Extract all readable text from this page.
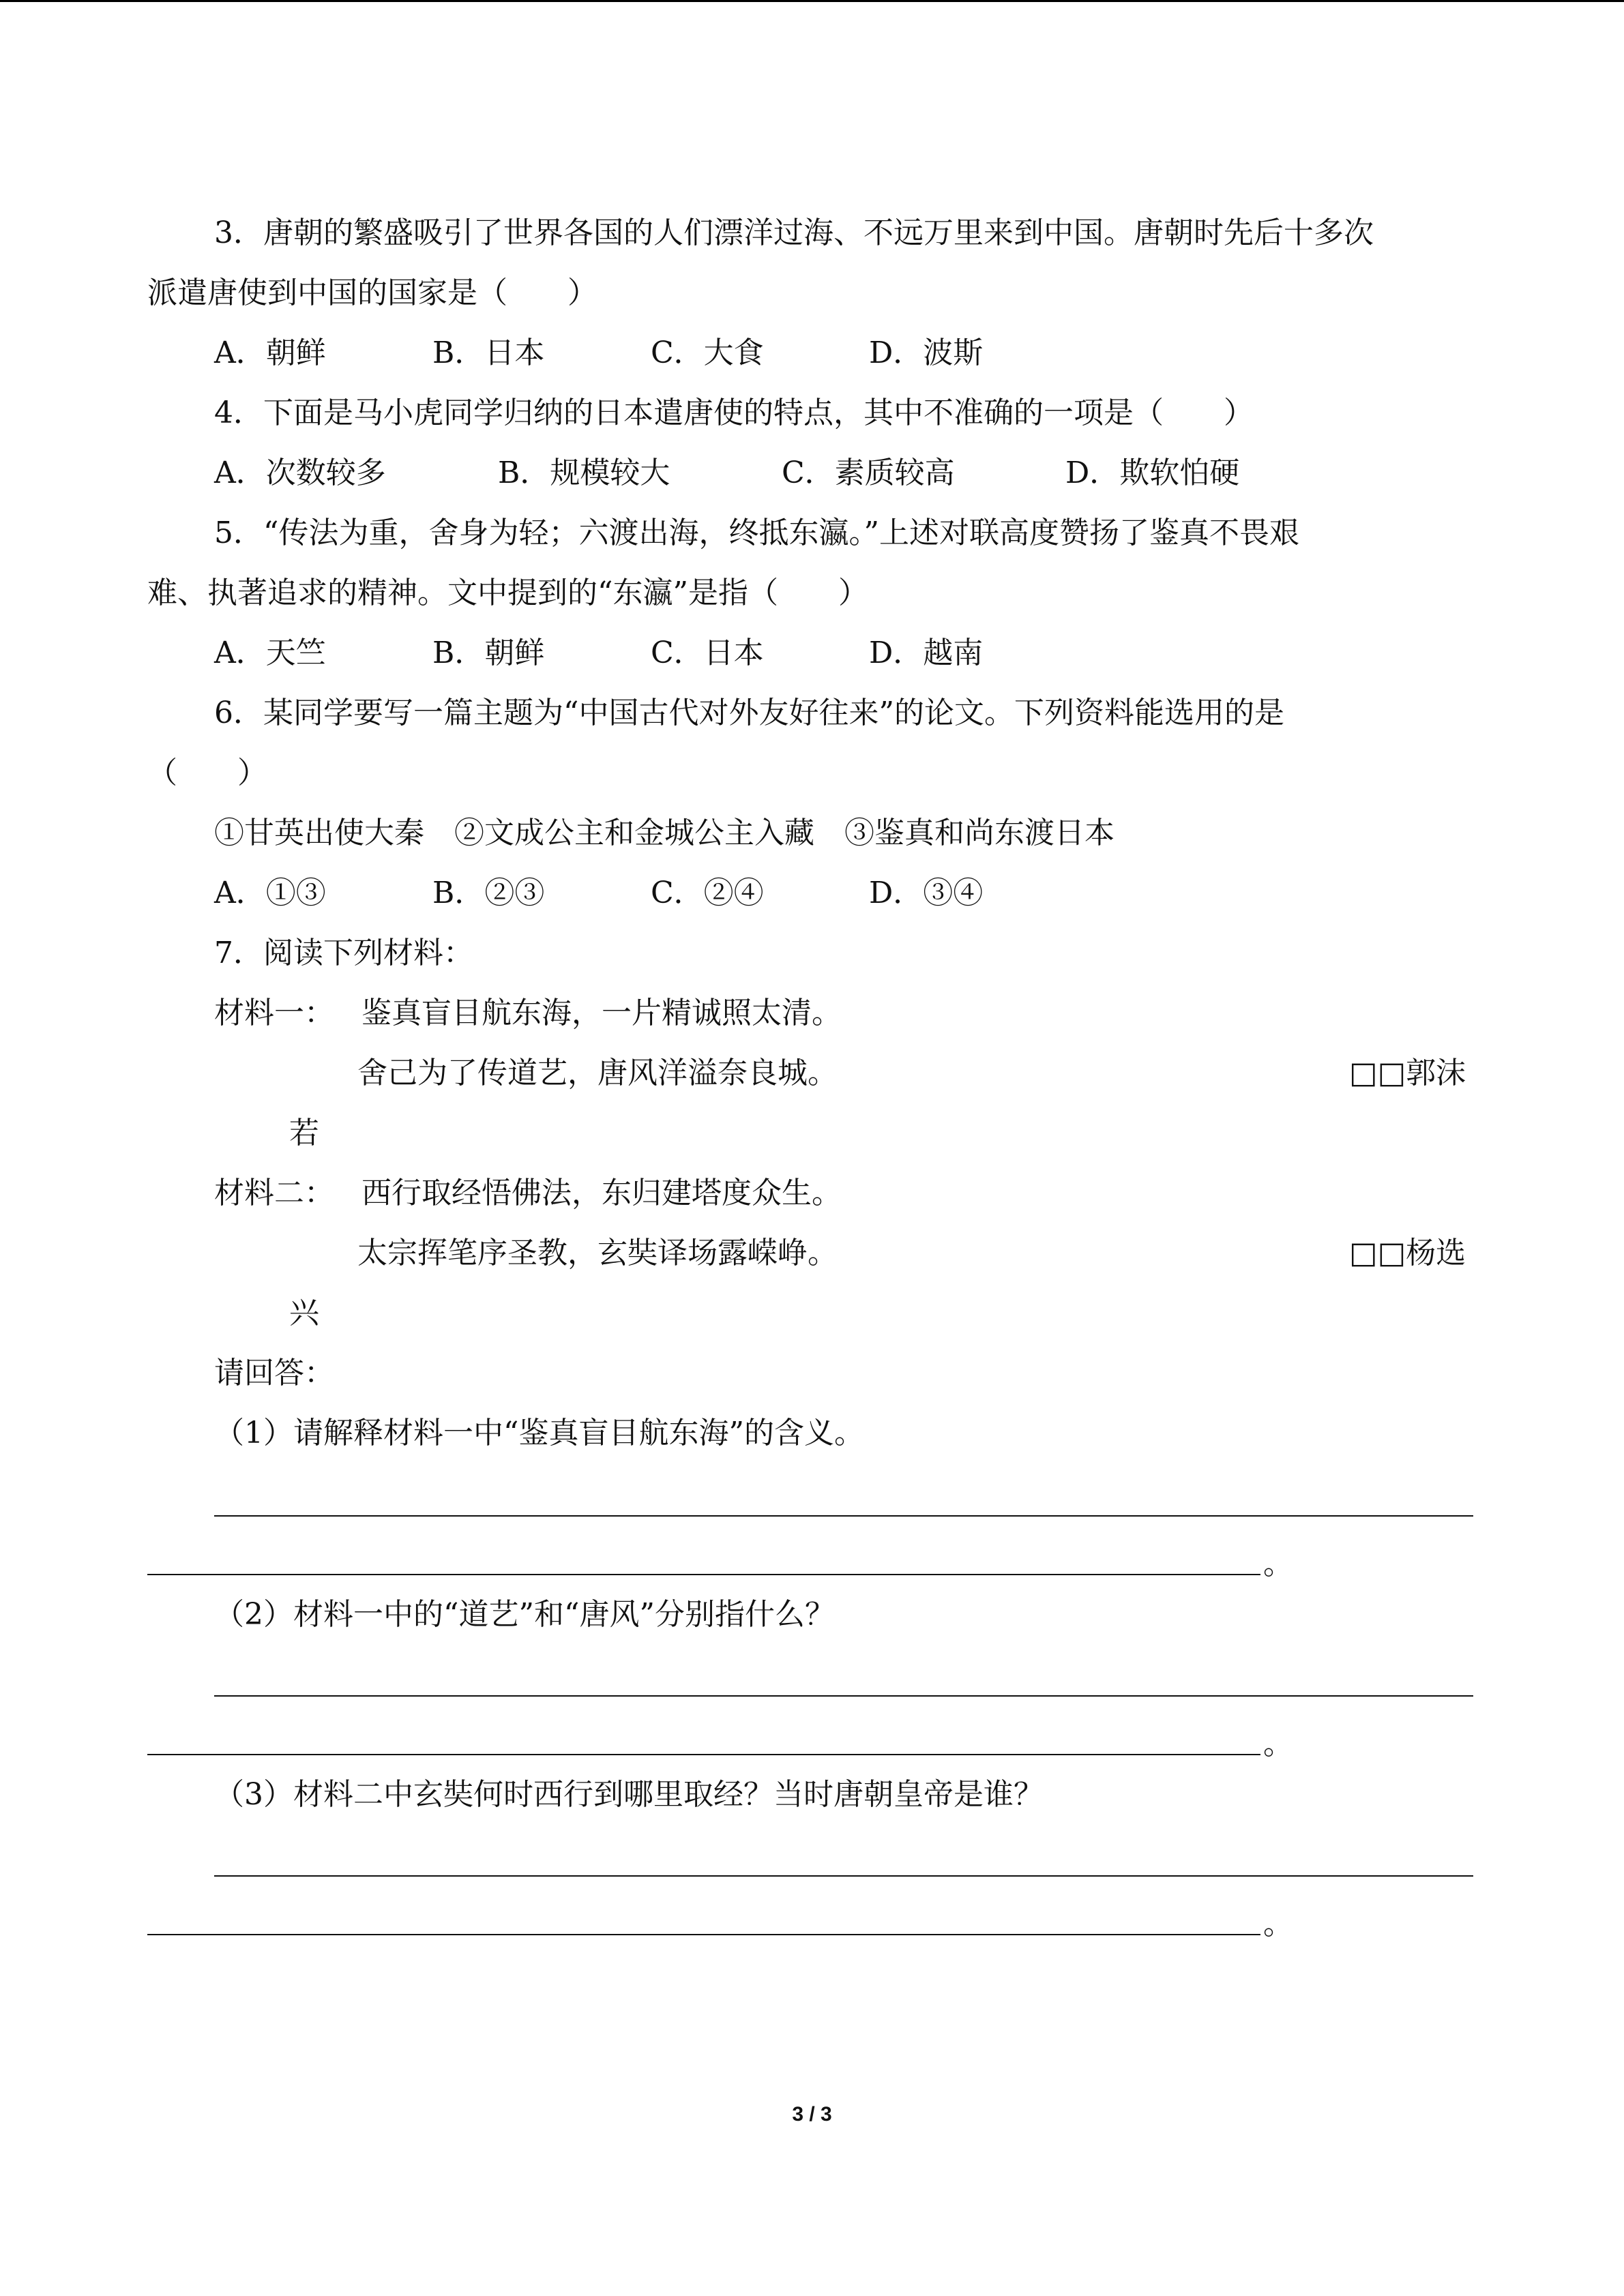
3．唐朝的繁盛吸引了世界各国的人们漂洋过海、不远万里来到中国。唐朝时先后十多次
派遣唐使到中国的国家是（　　）
A．朝鲜	B．日本	C．大食	D．波斯
4．下面是马小虎同学归纳的日本遣唐使的特点，其中不准确的一项是（　　）
A．次数较多	B．规模较大	C．素质较高	D．欺软怕硬
5．“传法为重，舍身为轻；六渡出海，终抵东瀛。”上述对联高度赞扬了鉴真不畏艰
难、执著追求的精神。文中提到的“东瀛”是指（　　）
A．天竺	B．朝鲜	C．日本	D．越南
6．某同学要写一篇主题为“中国古代对外友好往来”的论文。下列资料能选用的是
（　　）
①甘英出使大秦　②文成公主和金城公主入藏　③鉴真和尚东渡日本
A．①③	B．②③	C．②④	D．③④
7．阅读下列材料：
材料一： 鉴真盲目航东海，一片精诚照太清。
舍己为了传道艺，唐风洋溢奈良城。	□□郭沫
若
材料二： 西行取经悟佛法，东归建塔度众生。
太宗挥笔序圣教，玄奘译场露嵘峥。	□□杨选
兴
请回答：
（1）请解释材料一中“鉴真盲目航东海”的含义。
。
（2）材料一中的“道艺”和“唐风”分别指什么？
。
（3）材料二中玄奘何时西行到哪里取经？当时唐朝皇帝是谁？
。
3 / 3
